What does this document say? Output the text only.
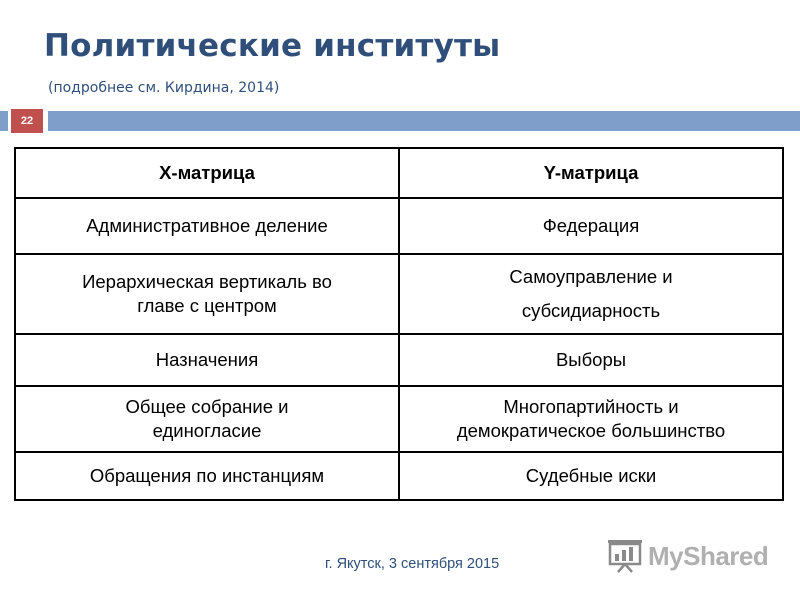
Политические институты
(подробнее см. Кирдина, 2014)
22
X-матрица	Y-матрица
Административное деление	Федерация
Иерархическая вертикаль во главе с центром	Самоуправление и субсидиарность
Назначения	Выборы
Общее собрание и единогласие	Многопартийность и демократическое большинство
Обращения по инстанциям	Судебные иски
г. Якутск, 3 сентября 2015	MyShared
